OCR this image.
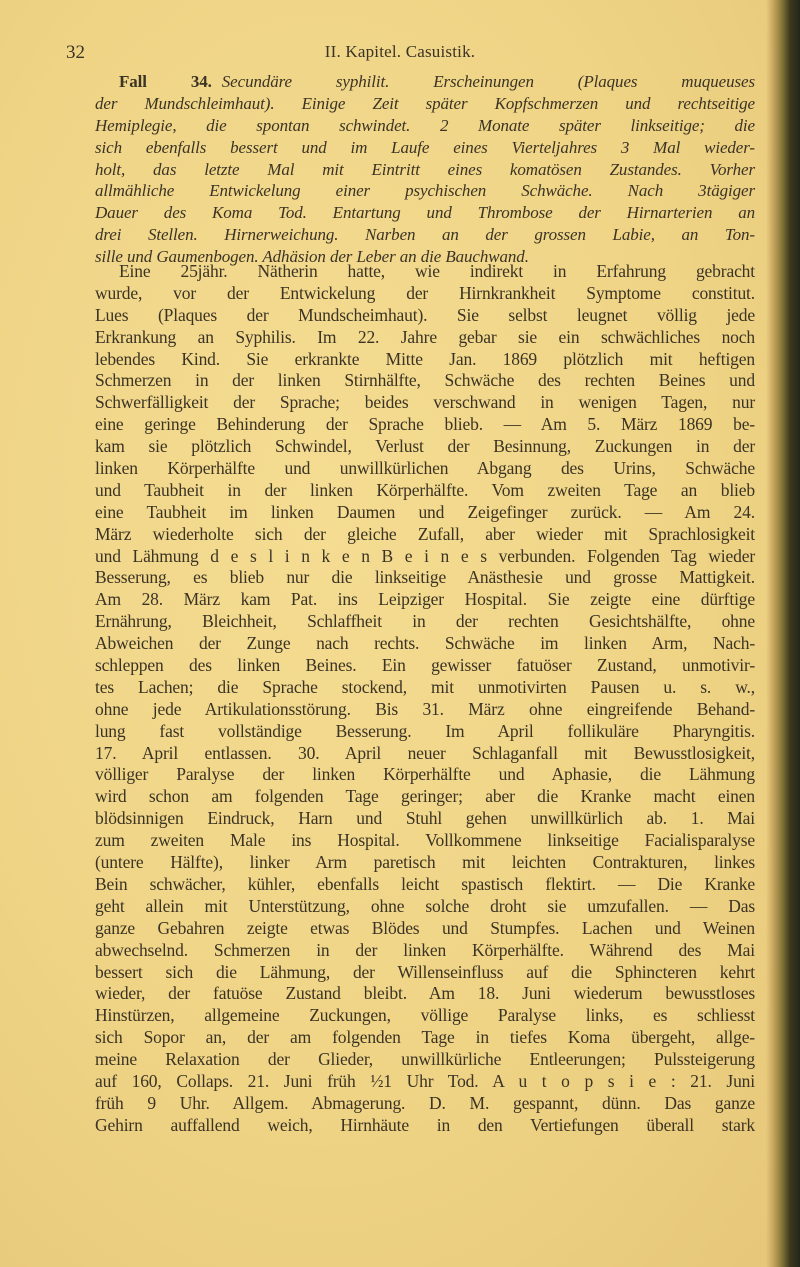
32	II. Kapitel. Casuistik.
Fall 34. Secundäre syphilit. Erscheinungen (Plaques muqueuses
der Mundschleimhaut). Einige Zeit später Kopfschmerzen und rechtseitige
Hemiplegie, die spontan schwindet. 2 Monate später linkseitige; die
sich ebenfalls bessert und im Laufe eines Vierteljahres 3 Mal wieder-
holt, das letzte Mal mit Eintritt eines komatösen Zustandes. Vorher
allmähliche Entwickelung einer psychischen Schwäche. Nach 3tägiger
Dauer des Koma Tod. Entartung und Thrombose der Hirnarterien an
drei Stellen. Hirnerweichung. Narben an der grossen Labie, an Ton-
sille und Gaumenbogen. Adhäsion der Leber an die Bauchwand.
Eine 25jähr. Nätherin hatte, wie indirekt in Erfahrung gebracht
wurde, vor der Entwickelung der Hirnkrankheit Symptome constitut.
Lues (Plaques der Mundscheimhaut). Sie selbst leugnet völlig jede
Erkrankung an Syphilis. Im 22. Jahre gebar sie ein schwächliches noch
lebendes Kind. Sie erkrankte Mitte Jan. 1869 plötzlich mit heftigen
Schmerzen in der linken Stirnhälfte, Schwäche des rechten Beines und
Schwerfälligkeit der Sprache; beides verschwand in wenigen Tagen, nur
eine geringe Behinderung der Sprache blieb. — Am 5. März 1869 be-
kam sie plötzlich Schwindel, Verlust der Besinnung, Zuckungen in der
linken Körperhälfte und unwillkürlichen Abgang des Urins, Schwäche
und Taubheit in der linken Körperhälfte. Vom zweiten Tage an blieb
eine Taubheit im linken Daumen und Zeigefinger zurück. — Am 24.
März wiederholte sich der gleiche Zufall, aber wieder mit Sprachlosigkeit
und Lähmung d e s l i n k e n B e i n e s verbunden. Folgenden Tag wieder
Besserung, es blieb nur die linkseitige Anästhesie und grosse Mattigkeit.
Am 28. März kam Pat. ins Leipziger Hospital. Sie zeigte eine dürftige
Ernährung, Bleichheit, Schlaffheit in der rechten Gesichtshälfte, ohne
Abweichen der Zunge nach rechts. Schwäche im linken Arm, Nach-
schleppen des linken Beines. Ein gewisser fatuöser Zustand, unmotivir-
tes Lachen; die Sprache stockend, mit unmotivirten Pausen u. s. w.,
ohne jede Artikulationsstörung. Bis 31. März ohne eingreifende Behand-
lung fast vollständige Besserung. Im April follikuläre Pharyngitis.
17. April entlassen. 30. April neuer Schlaganfall mit Bewusstlosigkeit,
völliger Paralyse der linken Körperhälfte und Aphasie, die Lähmung
wird schon am folgenden Tage geringer; aber die Kranke macht einen
blödsinnigen Eindruck, Harn und Stuhl gehen unwillkürlich ab. 1. Mai
zum zweiten Male ins Hospital. Vollkommene linkseitige Facialisparalyse
(untere Hälfte), linker Arm paretisch mit leichten Contrakturen, linkes
Bein schwächer, kühler, ebenfalls leicht spastisch flektirt. — Die Kranke
geht allein mit Unterstützung, ohne solche droht sie umzufallen. — Das
ganze Gebahren zeigte etwas Blödes und Stumpfes. Lachen und Weinen
abwechselnd. Schmerzen in der linken Körperhälfte. Während des Mai
bessert sich die Lähmung, der Willenseinfluss auf die Sphincteren kehrt
wieder, der fatuöse Zustand bleibt. Am 18. Juni wiederum bewusstloses
Hinstürzen, allgemeine Zuckungen, völlige Paralyse links, es schliesst
sich Sopor an, der am folgenden Tage in tiefes Koma übergeht, allge-
meine Relaxation der Glieder, unwillkürliche Entleerungen; Pulssteigerung
auf 160, Collaps. 21. Juni früh ½1 Uhr Tod. A u t o p s i e : 21. Juni
früh 9 Uhr. Allgem. Abmagerung. D. M. gespannt, dünn. Das ganze
Gehirn auffallend weich, Hirnhäute in den Vertiefungen überall stark
